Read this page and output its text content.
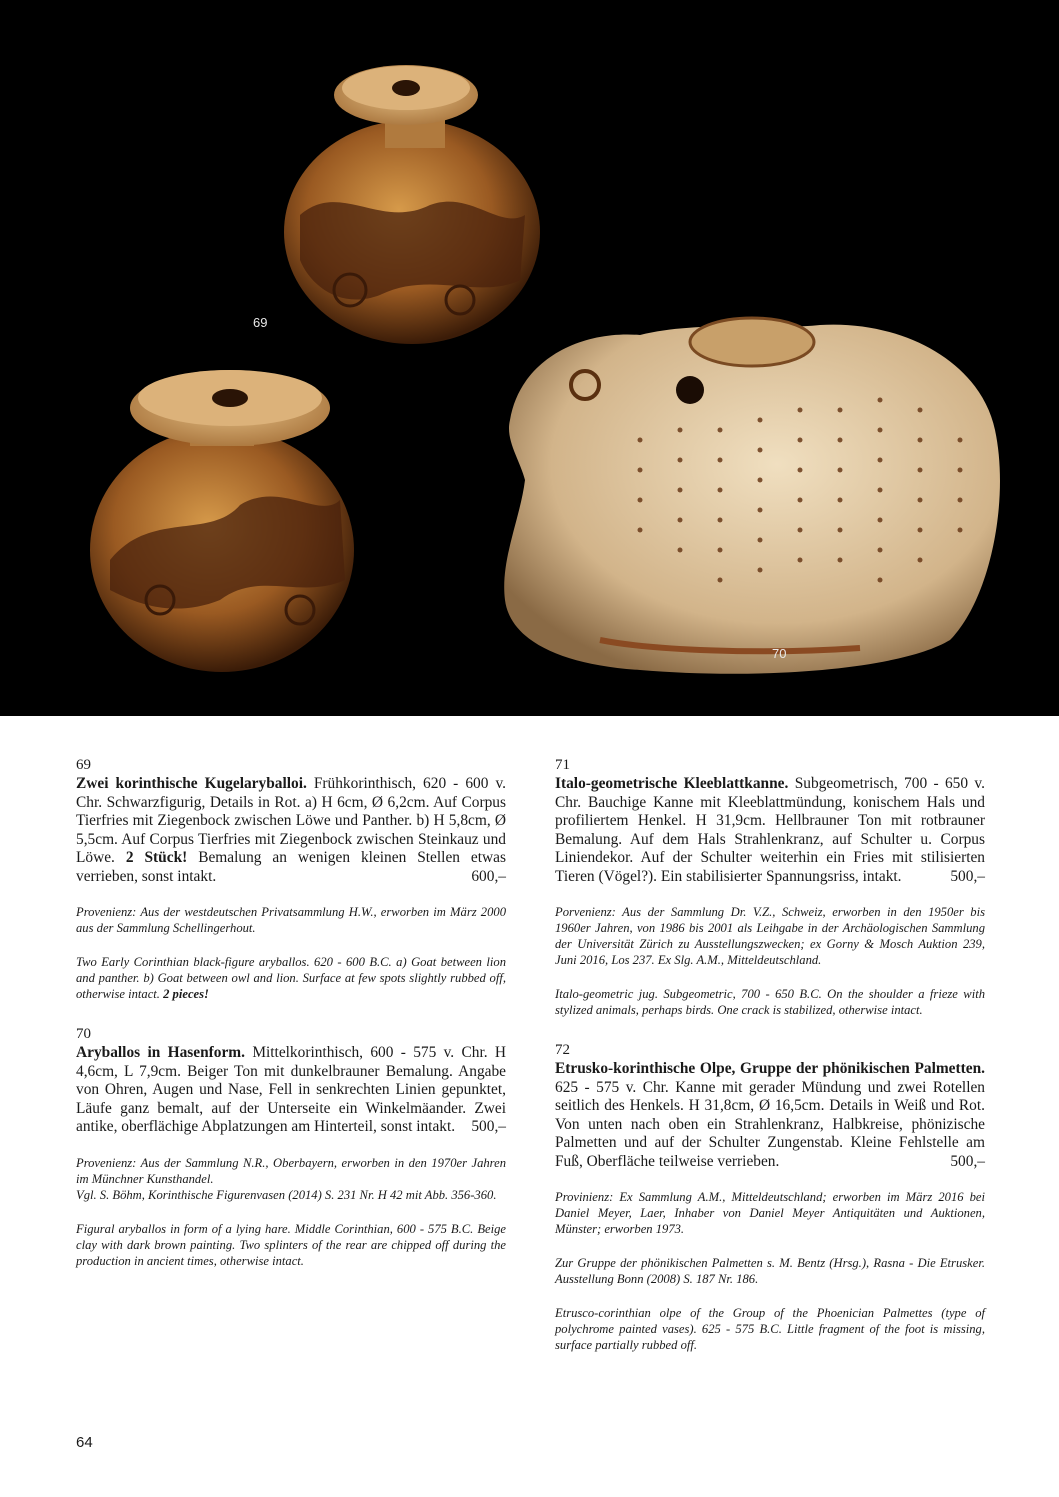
69
70
69

Zwei korinthische Kugelaryballoi. Frühkorinthisch, 620 - 600 v. Chr. Schwarzfigurig, Details in Rot. a) H 6cm, Ø 6,2cm. Auf Corpus Tierfries mit Ziegenbock zwischen Löwe und Panther. b) H 5,8cm, Ø 5,5cm. Auf Corpus Tierfries mit Ziegenbock zwischen Steinkauz und Löwe. 2 Stück! Bemalung an wenigen kleinen Stellen etwas verrieben, sonst intakt.	600,–

Provenienz: Aus der westdeutschen Privatsammlung H.W., erworben im März 2000 aus der Sammlung Schellingerhout.

Two Early Corinthian black-figure aryballos. 620 - 600 B.C. a) Goat between lion and panther. b) Goat between owl and lion. Surface at few spots slightly rubbed off, otherwise intact. 2 pieces!

70

Aryballos in Hasenform. Mittelkorinthisch, 600 - 575 v. Chr. H 4,6cm, L 7,9cm. Beiger Ton mit dunkelbrauner Bemalung. Angabe von Ohren, Augen und Nase, Fell in senkrechten Linien gepunktet, Läufe ganz bemalt, auf der Unterseite ein Winkelmäander. Zwei antike, oberflächige Abplatzungen am Hinterteil, sonst intakt. 500,–

Provenienz: Aus der Sammlung N.R., Oberbayern, erworben in den 1970er Jahren im Münchner Kunsthandel.
Vgl. S. Böhm, Korinthische Figurenvasen (2014) S. 231 Nr. H 42 mit Abb. 356-360.

Figural aryballos in form of a lying hare. Middle Corinthian, 600 - 575 B.C. Beige clay with dark brown painting. Two splinters of the rear are chipped off during the production in ancient times, otherwise intact.

71

Italo-geometrische Kleeblattkanne. Subgeometrisch, 700 - 650 v. Chr. Bauchige Kanne mit Kleeblattmündung, konischem Hals und profiliertem Henkel. H 31,9cm. Hellbrauner Ton mit rotbrauner Bemalung. Auf dem Hals Strahlenkranz, auf Schulter u. Corpus Liniendekor. Auf der Schulter weiterhin ein Fries mit stilisierten Tieren (Vögel?). Ein stabilisierter Spannungsriss, intakt.	500,–

Porvenienz: Aus der Sammlung Dr. V.Z., Schweiz, erworben in den 1950er bis 1960er Jahren, von 1986 bis 2001 als Leihgabe in der Archäologischen Sammlung der Universität Zürich zu Ausstellungszwecken; ex Gorny & Mosch Auktion 239, Juni 2016, Los 237. Ex Slg. A.M., Mitteldeutschland.

Italo-geometric jug. Subgeometric, 700 - 650 B.C. On the shoulder a frieze with stylized animals, perhaps birds. One crack is stabilized, otherwise intact.

72

Etrusko-korinthische Olpe, Gruppe der phönikischen Palmetten. 625 - 575 v. Chr. Kanne mit gerader Mündung und zwei Rotellen seitlich des Henkels. H 31,8cm, Ø 16,5cm. Details in Weiß und Rot. Von unten nach oben ein Strahlenkranz, Halbkreise, phönizische Palmetten und auf der Schulter Zungenstab. Kleine Fehlstelle am Fuß, Oberfläche teilweise verrieben.	500,–

Provinienz: Ex Sammlung A.M., Mitteldeutschland; erworben im März 2016 bei Daniel Meyer, Laer, Inhaber von Daniel Meyer Antiquitäten und Auktionen, Münster; erworben 1973.

Zur Gruppe der phönikischen Palmetten s. M. Bentz (Hrsg.), Rasna - Die Etrusker. Ausstellung Bonn (2008) S. 187 Nr. 186.

Etrusco-corinthian olpe of the Group of the Phoenician Palmettes (type of polychrome painted vases). 625 - 575 B.C. Little fragment of the foot is missing, surface partially rubbed off.

64
